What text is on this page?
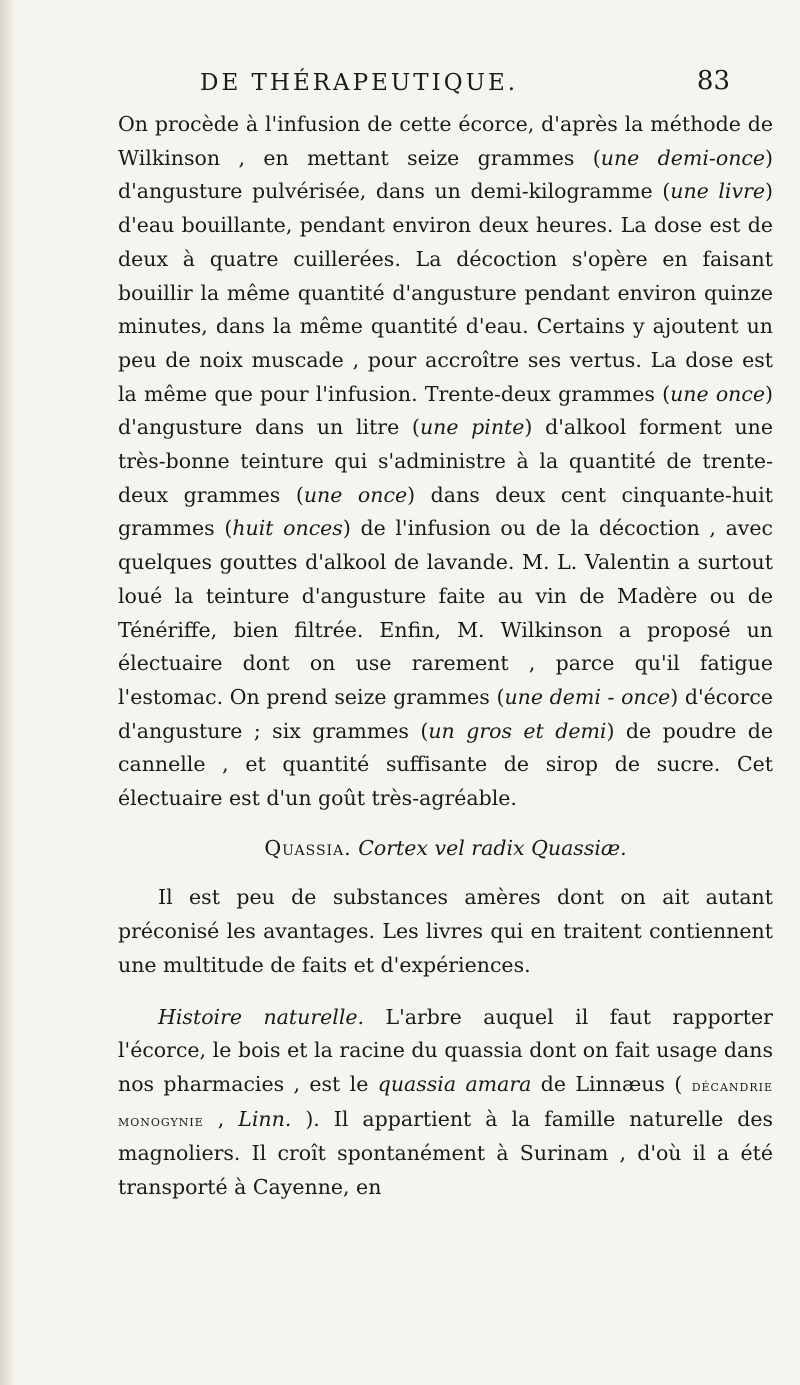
DE THÉRAPEUTIQUE.	83

On procède à l'infusion de cette écorce, d'après la méthode de Wilkinson , en mettant seize grammes (une demi-once) d'angusture pulvérisée, dans un demi-kilogramme (une livre) d'eau bouillante, pendant environ deux heures. La dose est de deux à quatre cuillerées. La décoction s'opère en faisant bouillir la même quantité d'angusture pendant environ quinze minutes, dans la même quantité d'eau. Certains y ajoutent un peu de noix muscade , pour accroître ses vertus. La dose est la même que pour l'infusion. Trente-deux grammes (une once) d'angusture dans un litre (une pinte) d'alkool forment une très-bonne teinture qui s'administre à la quantité de trente-deux grammes (une once) dans deux cent cinquante-huit grammes (huit onces) de l'infusion ou de la décoction , avec quelques gouttes d'alkool de lavande. M. L. Valentin a surtout loué la teinture d'angusture faite au vin de Madère ou de Ténériffe, bien filtrée. Enfin, M. Wilkinson a proposé un électuaire dont on use rarement , parce qu'il fatigue l'estomac. On prend seize grammes (une demi - once) d'écorce d'angusture ; six grammes (un gros et demi) de poudre de cannelle , et quantité suffisante de sirop de sucre. Cet électuaire est d'un goût très-agréable.

Quassia. Cortex vel radix Quassiæ.

Il est peu de substances amères dont on ait autant préconisé les avantages. Les livres qui en traitent contiennent une multitude de faits et d'expériences.

Histoire naturelle. L'arbre auquel il faut rapporter l'écorce, le bois et la racine du quassia dont on fait usage dans nos pharmacies , est le quassia amara de Linnæus ( décandrie monogynie , Linn. ). Il appartient à la famille naturelle des magnoliers. Il croît spontanément à Surinam , d'où il a été transporté à Cayenne, en
